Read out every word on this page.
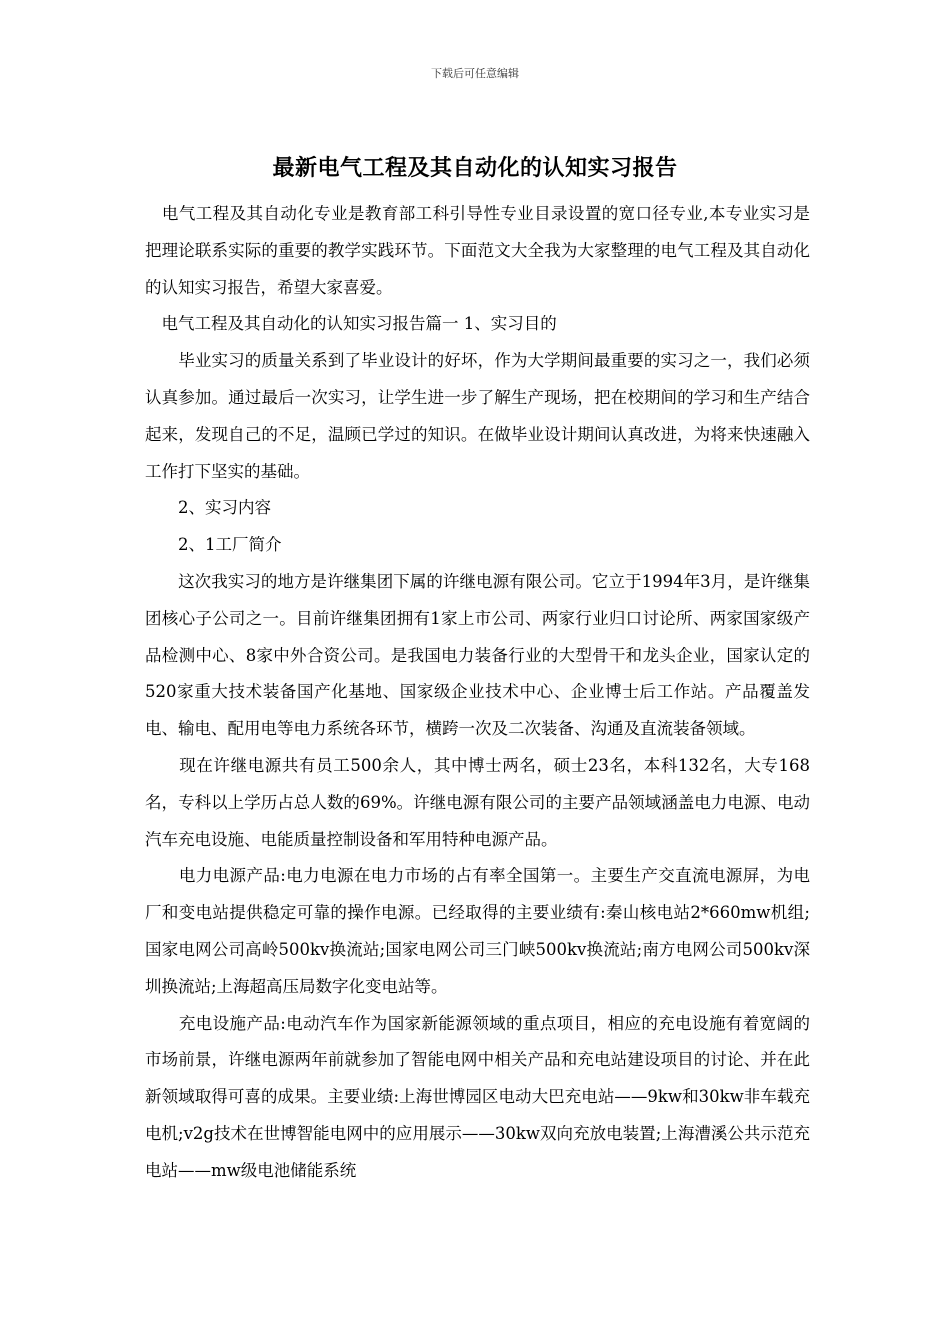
下载后可任意编辑
最新电气工程及其自动化的认知实习报告

　电气工程及其自动化专业是教育部工科引导性专业目录设置的宽口径专业,本专业实习是把理论联系实际的重要的教学实践环节。下面范文大全我为大家整理的电气工程及其自动化的认知实习报告，希望大家喜爱。

　电气工程及其自动化的认知实习报告篇一 1、实习目的

　　毕业实习的质量关系到了毕业设计的好坏，作为大学期间最重要的实习之一，我们必须认真参加。通过最后一次实习，让学生进一步了解生产现场，把在校期间的学习和生产结合起来，发现自己的不足，温顾已学过的知识。在做毕业设计期间认真改进，为将来快速融入工作打下坚实的基础。

　　2、实习内容

　　2、1工厂简介

　　这次我实习的地方是许继集团下属的许继电源有限公司。它立于1994年3月，是许继集团核心子公司之一。目前许继集团拥有1家上市公司、两家行业归口讨论所、两家国家级产品检测中心、8家中外合资公司。是我国电力装备行业的大型骨干和龙头企业，国家认定的520家重大技术装备国产化基地、国家级企业技术中心、企业博士后工作站。产品覆盖发电、输电、配用电等电力系统各环节，横跨一次及二次装备、沟通及直流装备领域。

　　现在许继电源共有员工500余人，其中博士两名，硕士23名，本科132名，大专168名，专科以上学历占总人数的69%。许继电源有限公司的主要产品领域涵盖电力电源、电动汽车充电设施、电能质量控制设备和军用特种电源产品。

　　电力电源产品:电力电源在电力市场的占有率全国第一。主要生产交直流电源屏，为电厂和变电站提供稳定可靠的操作电源。已经取得的主要业绩有:秦山核电站2*660mw机组;国家电网公司高岭500kv换流站;国家电网公司三门峡500kv换流站;南方电网公司500kv深圳换流站;上海超高压局数字化变电站等。

　　充电设施产品:电动汽车作为国家新能源领域的重点项目，相应的充电设施有着宽阔的市场前景，许继电源两年前就参加了智能电网中相关产品和充电站建设项目的讨论、并在此新领域取得可喜的成果。主要业绩:上海世博园区电动大巴充电站——9kw和30kw非车载充电机;v2g技术在世博智能电网中的应用展示——30kw双向充放电装置;上海漕溪公共示范充电站——mw级电池储能系统
